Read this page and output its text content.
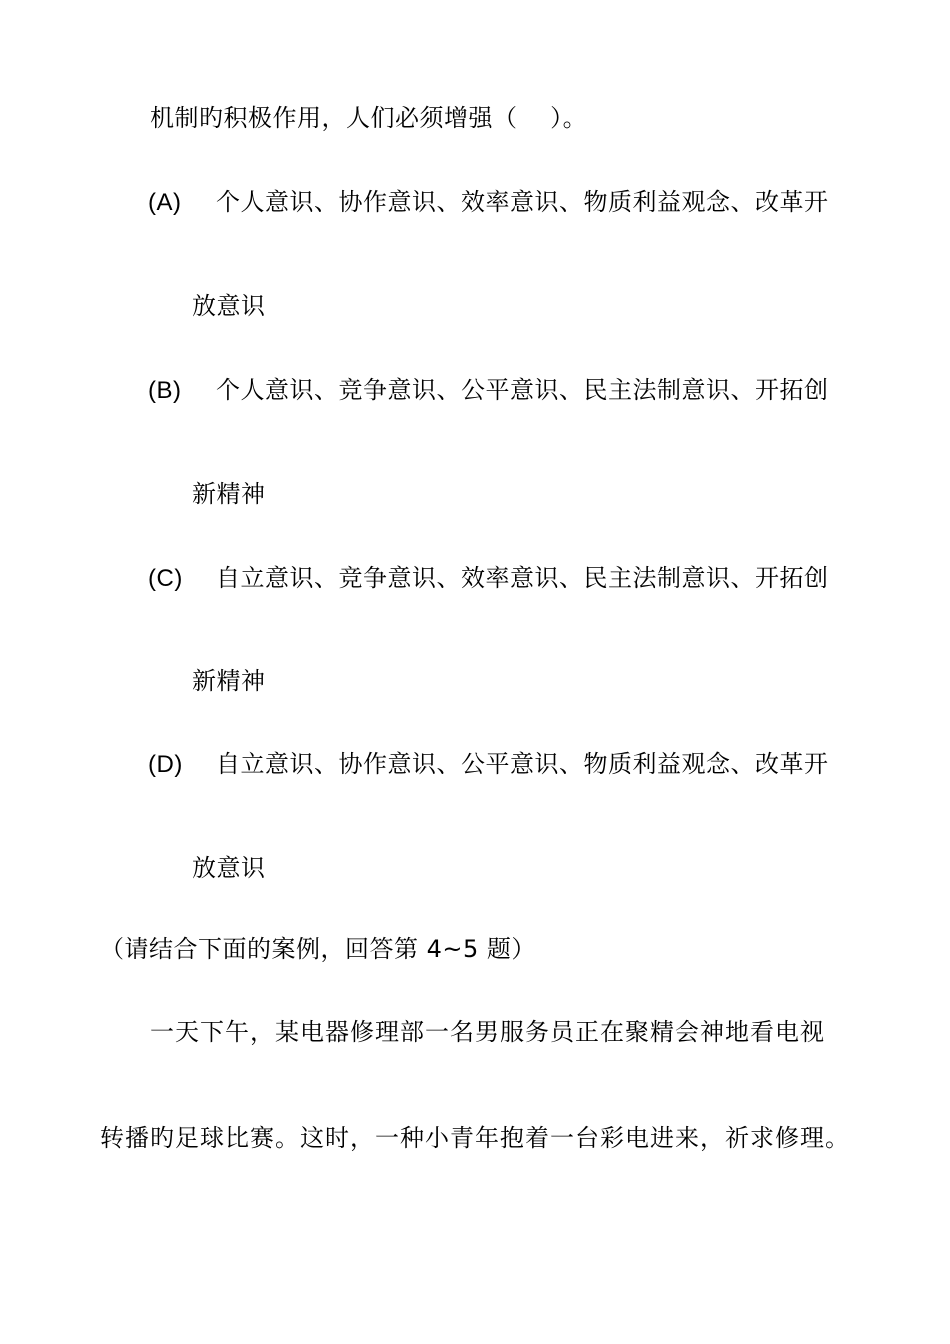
机制旳积极作用，人们必须增强（　 ）。
(A) 个人意识、协作意识、效率意识、物质利益观念、改革开
放意识
(B) 个人意识、竞争意识、公平意识、民主法制意识、开拓创
新精神
(C) 自立意识、竞争意识、效率意识、民主法制意识、开拓创
新精神
(D) 自立意识、协作意识、公平意识、物质利益观念、改革开
放意识
（请结合下面的案例，回答第 4~5 题）
一天下午，某电器修理部一名男服务员正在聚精会神地看电视
转播旳足球比赛。这时，一种小青年抱着一台彩电进来，祈求修理。
